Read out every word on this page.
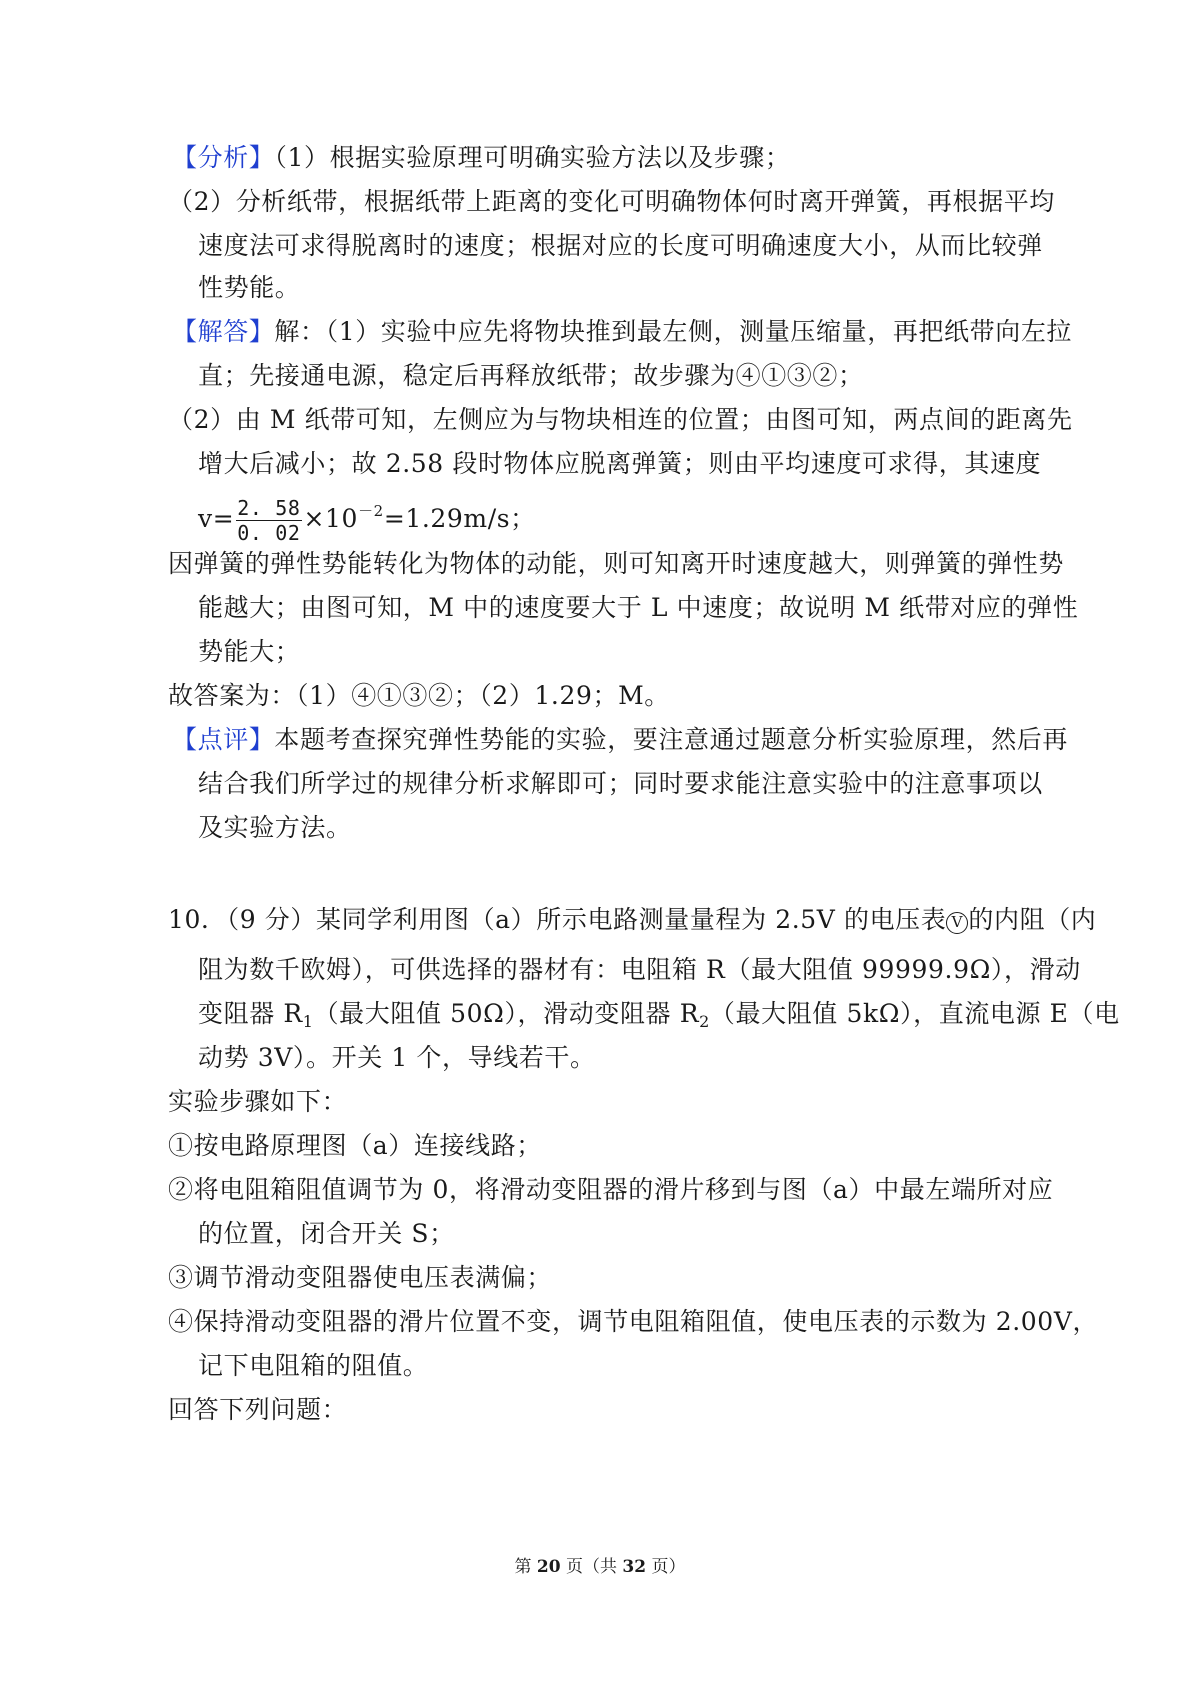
【分析】（1）根据实验原理可明确实验方法以及步骤；
（2）分析纸带，根据纸带上距离的变化可明确物体何时离开弹簧，再根据平均
速度法可求得脱离时的速度；根据对应的长度可明确速度大小，从而比较弹
性势能。
【解答】解：（1）实验中应先将物块推到最左侧，测量压缩量，再把纸带向左拉
直；先接通电源，稳定后再释放纸带；故步骤为④①③②；
（2）由 M 纸带可知，左侧应为与物块相连的位置；由图可知，两点间的距离先
增大后减小；故 2.58 段时物体应脱离弹簧；则由平均速度可求得，其速度
$v= \frac{2. 58}{0. 02} \times 10^{-2}=1.29m/s$；
因弹簧的弹性势能转化为物体的动能，则可知离开时速度越大，则弹簧的弹性势
能越大；由图可知，M 中的速度要大于 L 中速度；故说明 M 纸带对应的弹性
势能大；
故答案为：（1）④①③②；（2）1.29；M。
【点评】本题考查探究弹性势能的实验，要注意通过题意分析实验原理，然后再
结合我们所学过的规律分析求解即可；同时要求能注意实验中的注意事项以
及实验方法。
10．（9 分）某同学利用图（a）所示电路测量量程为 2.5V 的电压表 V 的内阻（内
阻为数千欧姆），可供选择的器材有：电阻箱 R（最大阻值 99999.9Ω），滑动
变阻器 $R_1$（最大阻值 50Ω），滑动变阻器 $R_2$（最大阻值 5kΩ），直流电源 E（电
动势 3V）。开关 1 个，导线若干。
实验步骤如下：
①按电路原理图（a）连接线路；
②将电阻箱阻值调节为 0，将滑动变阻器的滑片移到与图（a）中最左端所对应
的位置，闭合开关 S；
③调节滑动变阻器使电压表满偏；
④保持滑动变阻器的滑片位置不变，调节电阻箱阻值，使电压表的示数为 2.00V，
记下电阻箱的阻值。
回答下列问题：
第 20 页（共 32 页）
